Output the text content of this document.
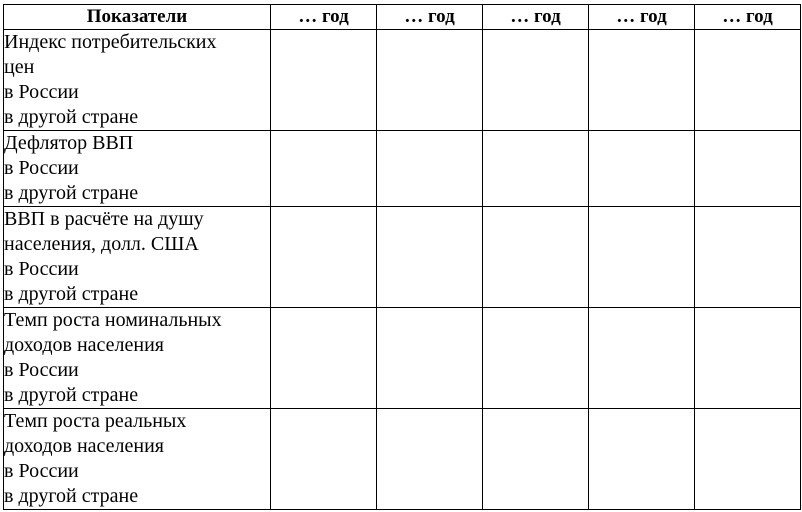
Показатели	… год	… год	… год	… год	… год

Индекс потребительских
цен
в России
в другой стране					

Дефлятор ВВП
в России
в другой стране					

ВВП в расчёте на душу
населения, долл. США
в России
в другой стране					

Темп роста номинальных
доходов населения
в России
в другой стране					

Темп роста реальных
доходов населения
в России
в другой стране					
